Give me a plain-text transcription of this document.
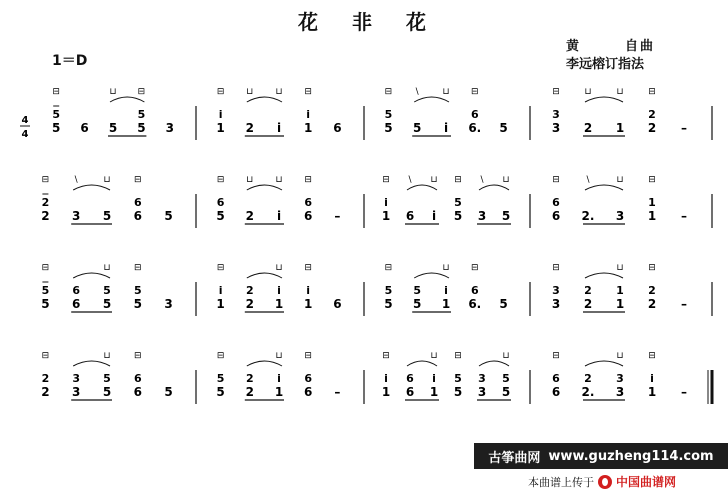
花非花
1＝D
黄	自曲
李远榕订指法
4
4
⊟
5
5 6
⊔
5
⊟
5
5 3
⊟
i
1
⊔
2
⊔
i
⊟
i
1 6
⊟
5
5
\
5
⊔
i
⊟
6
6. 5
⊟
3
3
⊔
2
⊔
1
⊟
2
2 –
⊟
2
2
\
3
⊔
5
⊟
6
6 5
⊟
6
5
⊔
2
⊔
i
⊟
6
6 –
⊟
i
1
\
6
⊔
i
⊟
5
5
\
3
⊔
5
⊟
6
6
\
2.
⊔
3
⊟
1
1 –
⊟
5
5
6
6
⊔
5
5
⊟
5
5 3
⊟
i
1
2
2
⊔
i
1
⊟
i
1 6
⊟
5
5
5
5
⊔
i
1
⊟
6
6. 5
⊟
3
3
2
2
⊔
1
1
⊟
2
2 –
⊟
2
2
3
3
⊔
5
5
⊟
6
6 5
⊟
5
5
2
2
⊔
i
1
⊟
6
6 –
⊟
i
1
6
6
⊔
i
1
⊟
5
5
3
3
⊔
5
5
⊟
6
6
2
2.
⊔
3
3
⊟
i
1 –
古筝曲网 www.guzheng114.com
本曲谱上传于 中国曲谱网
